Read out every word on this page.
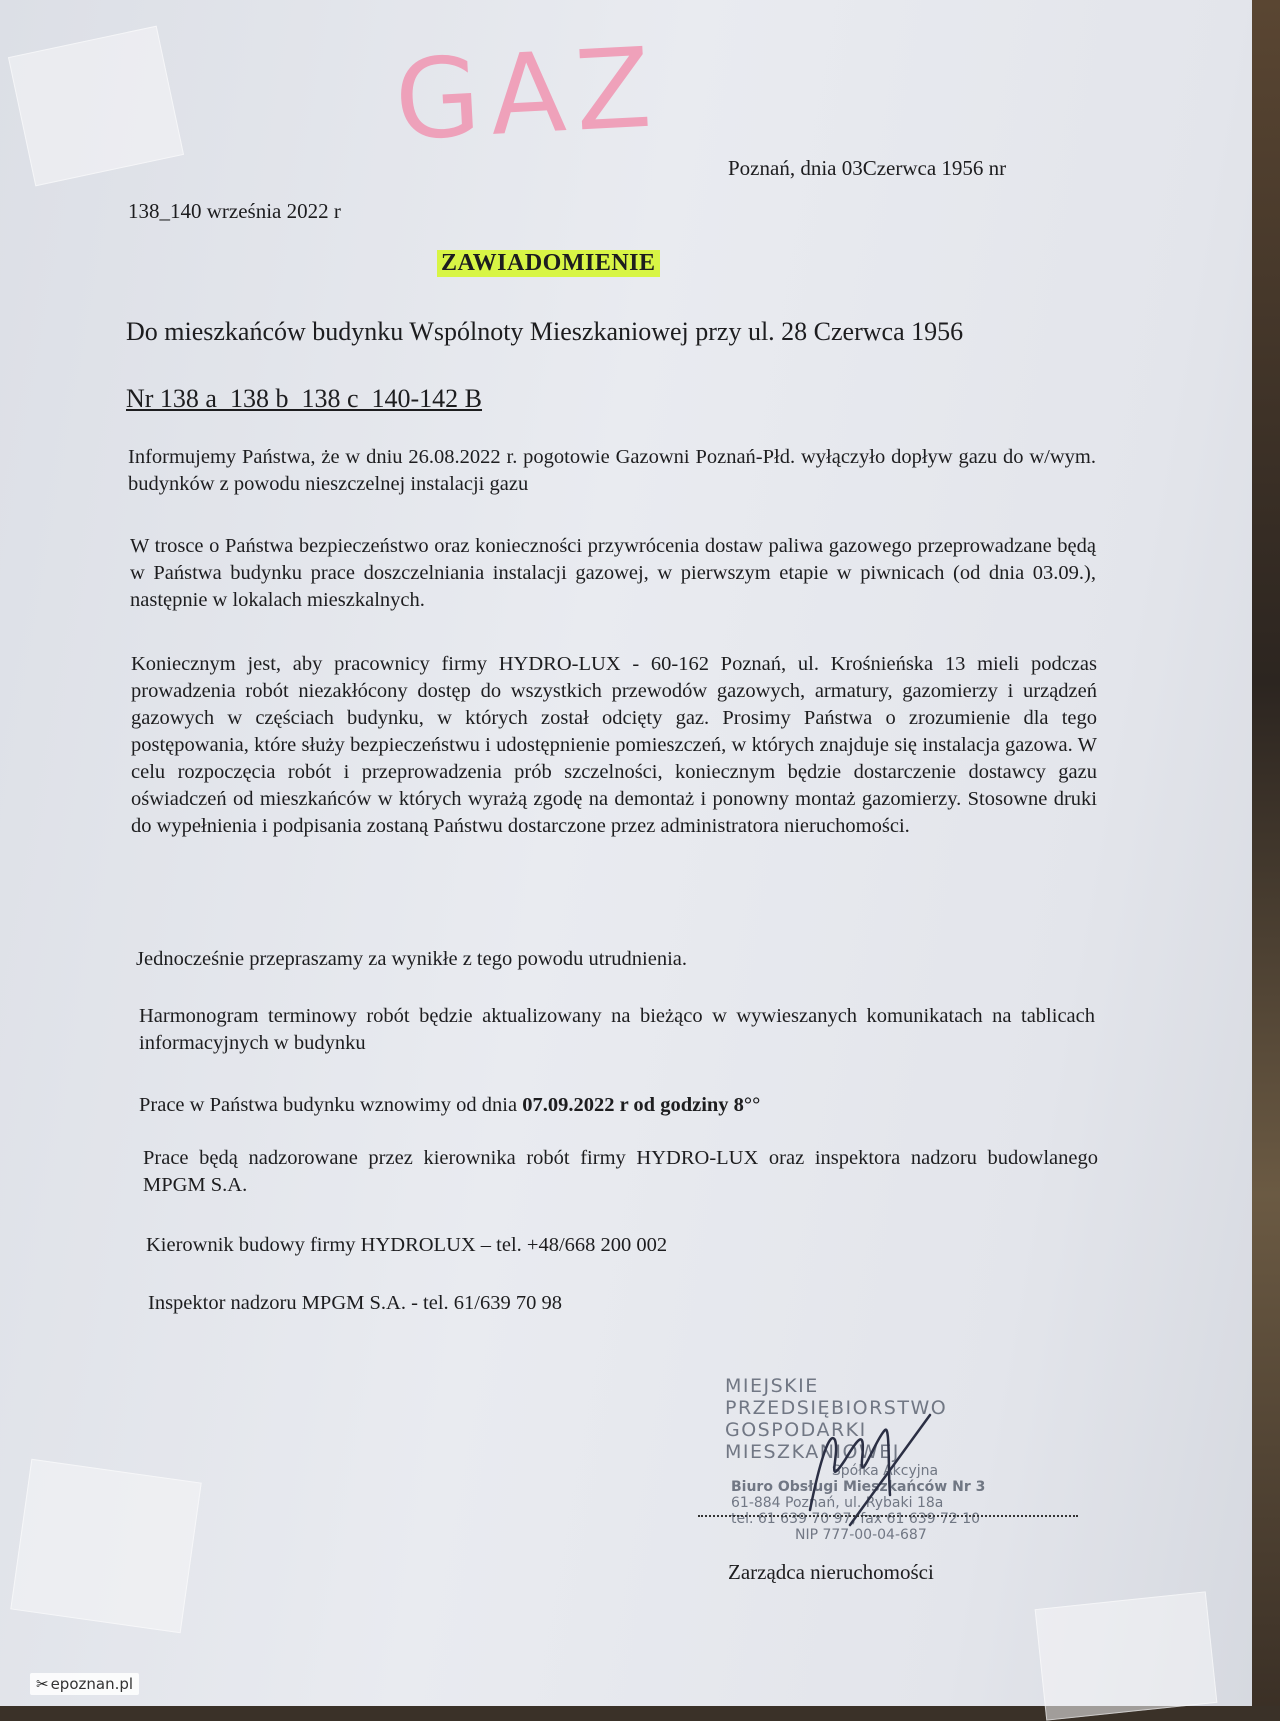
GAZ
Poznań, dnia 03Czerwca 1956 nr
138_140 września 2022 r
ZAWIADOMIENIE
Do mieszkańców budynku Wspólnoty Mieszkaniowej przy ul. 28 Czerwca 1956
Nr 138 a_138 b_138 c_140-142 B
Informujemy Państwa, że w dniu 26.08.2022 r. pogotowie Gazowni Poznań-Płd. wyłączyło dopływ gazu do w/wym. budynków z powodu nieszczelnej instalacji gazu
W trosce o Państwa bezpieczeństwo oraz konieczności przywrócenia dostaw paliwa gazowego przeprowadzane będą w Państwa budynku prace doszczelniania instalacji gazowej, w pierwszym etapie w piwnicach (od dnia 03.09.), następnie w lokalach mieszkalnych.
Koniecznym jest, aby pracownicy firmy HYDRO-LUX - 60-162 Poznań, ul. Krośnieńska 13 mieli podczas prowadzenia robót niezakłócony dostęp do wszystkich przewodów gazowych, armatury, gazomierzy i urządzeń gazowych w częściach budynku, w których został odcięty gaz. Prosimy Państwa o zrozumienie dla tego postępowania, które służy bezpieczeństwu i udostępnienie pomieszczeń, w których znajduje się instalacja gazowa. W celu rozpoczęcia robót i przeprowadzenia prób szczelności, koniecznym będzie dostarczenie dostawcy gazu oświadczeń od mieszkańców w których wyrażą zgodę na demontaż i ponowny montaż gazomierzy. Stosowne druki do wypełnienia i podpisania zostaną Państwu dostarczone przez administratora nieruchomości.
Jednocześnie przepraszamy za wynikłe z tego powodu utrudnienia.
Harmonogram terminowy robót będzie aktualizowany na bieżąco w wywieszanych komunikatach na tablicach informacyjnych w budynku
Prace w Państwa budynku wznowimy od dnia 07.09.2022 r od godziny 8°°
Prace będą nadzorowane przez kierownika robót firmy HYDRO-LUX oraz inspektora nadzoru budowlanego MPGM S.A.
Kierownik budowy firmy HYDROLUX – tel. +48/668 200 002
Inspektor nadzoru MPGM S.A. - tel. 61/639 70 98
MIEJSKIE PRZEDSIĘBIORSTWO
GOSPODARKI MIESZKANIOWEJ
Spółka Akcyjna
Biuro Obsługi Mieszkańców Nr 3
61-884 Poznań, ul. Rybaki 18a
tel. 61 639 70 97, fax 61 639 72 10
NIP 777-00-04-687
Zarządca nieruchomości
✂ epoznan.pl
